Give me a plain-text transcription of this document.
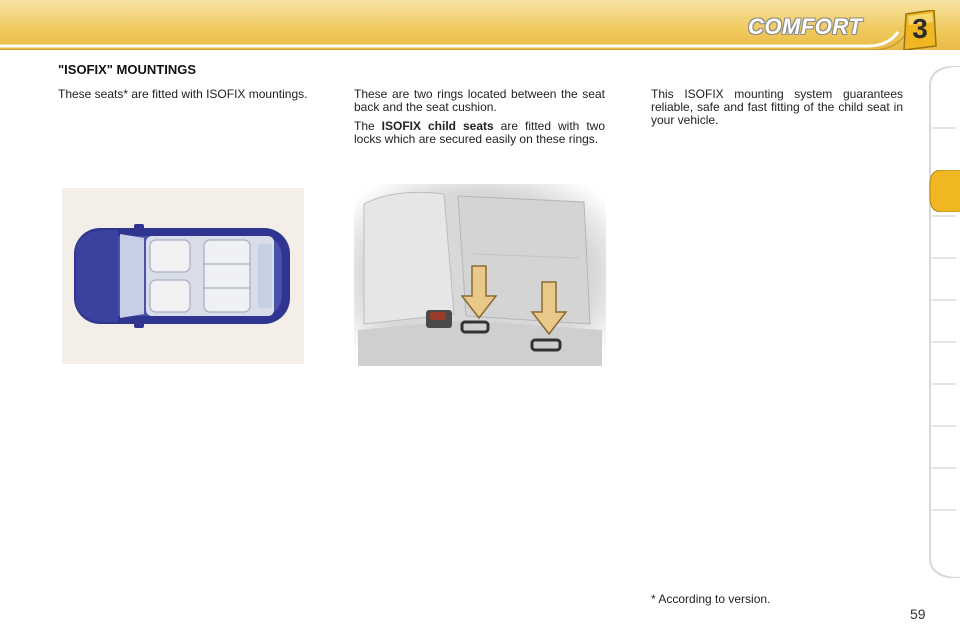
COMFORT	3
"ISOFIX" MOUNTINGS

These seats* are fitted with ISOFIX mountings.	These are two rings located between the seat back and the seat cushion.

The ISOFIX child seats are fitted with two locks which are secured easily on these rings.

This ISOFIX mounting system guarantees reliable, safe and fast fitting of the child seat in your vehicle.

* According to version.
59
